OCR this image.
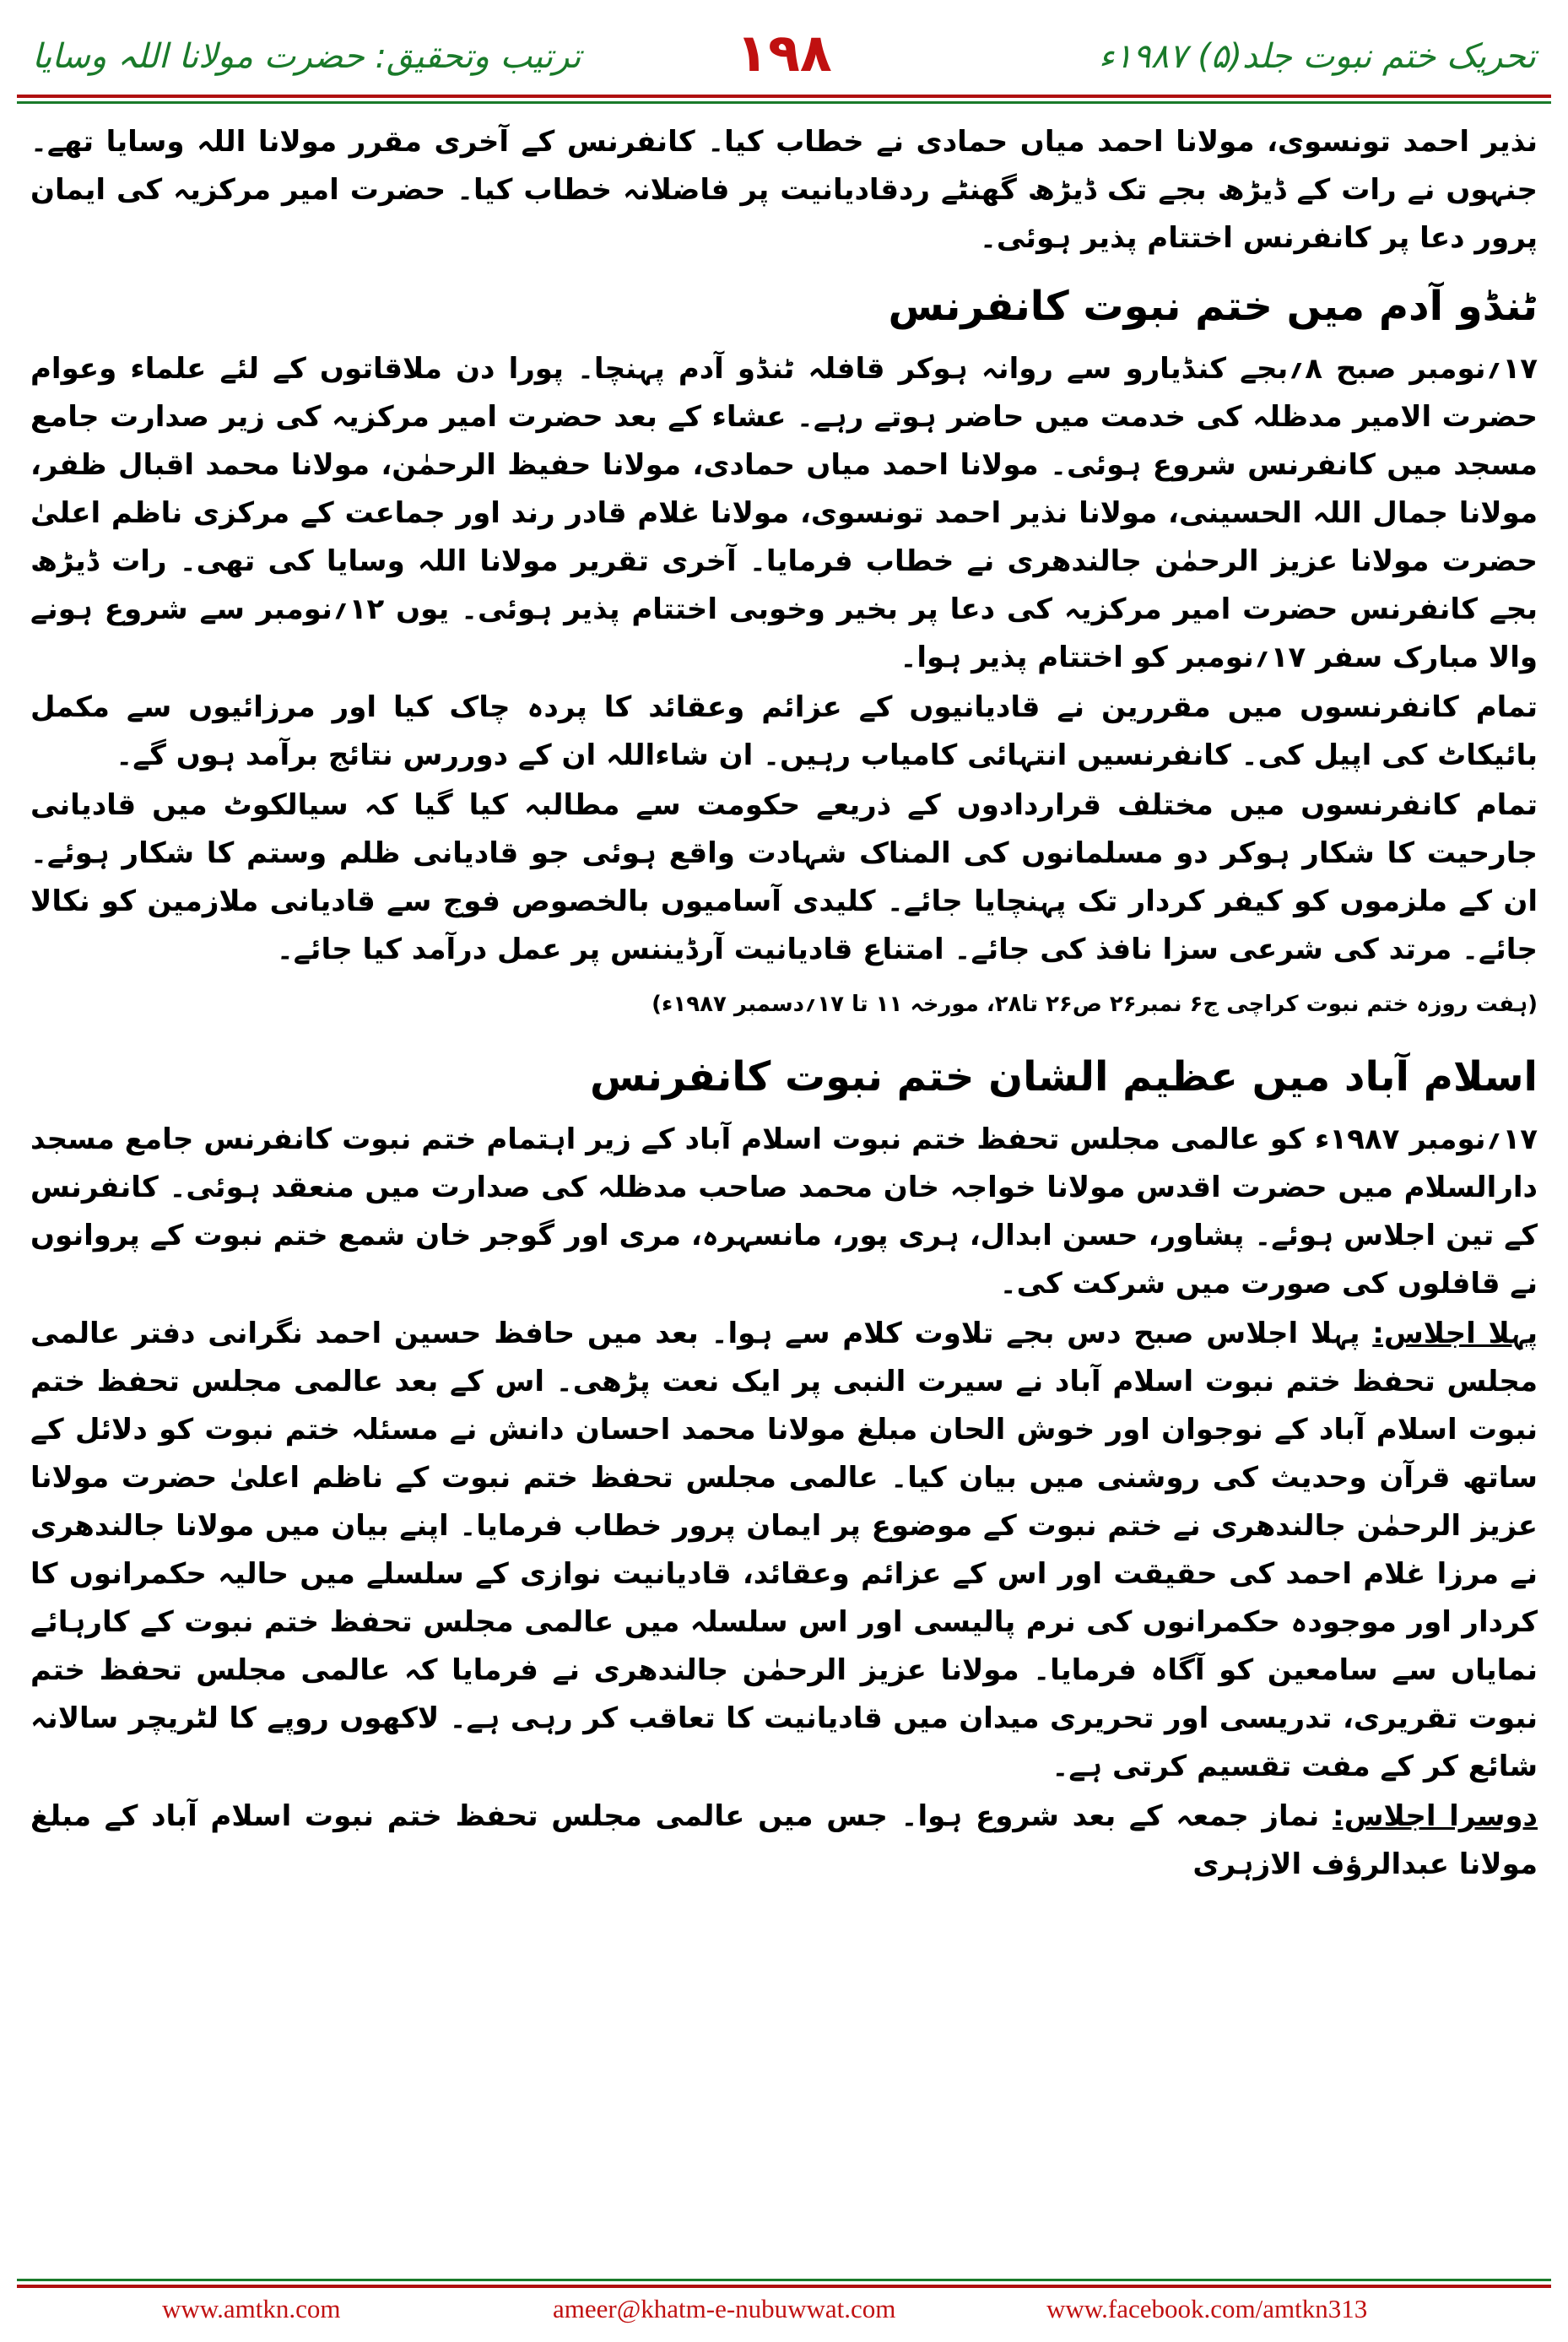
ترتیب وتحقیق: حضرت مولانا اللہ وسایا	۱۹۸	تحریک ختم نبوت جلد(۵) ۱۹۸۷ء

نذیر احمد تونسوی، مولانا احمد میاں حمادی نے خطاب کیا۔ کانفرنس کے آخری مقرر مولانا اللہ وسایا تھے۔ جنہوں نے رات کے ڈیڑھ بجے تک ڈیڑھ گھنٹے ردقادیانیت پر فاضلانہ خطاب کیا۔ حضرت امیر مرکزیہ کی ایمان پرور دعا پر کانفرنس اختتام پذیر ہوئی۔

ٹنڈو آدم میں ختم نبوت کانفرنس

۱۷؍نومبر صبح ۸؍بجے کنڈیارو سے روانہ ہوکر قافلہ ٹنڈو آدم پہنچا۔ پورا دن ملاقاتوں کے لئے علماء وعوام حضرت الامیر مدظلہ کی خدمت میں حاضر ہوتے رہے۔ عشاء کے بعد حضرت امیر مرکزیہ کی زیر صدارت جامع مسجد میں کانفرنس شروع ہوئی۔ مولانا احمد میاں حمادی، مولانا حفیظ الرحمٰن، مولانا محمد اقبال ظفر، مولانا جمال اللہ الحسینی، مولانا نذیر احمد تونسوی، مولانا غلام قادر رند اور جماعت کے مرکزی ناظم اعلیٰ حضرت مولانا عزیز الرحمٰن جالندھری نے خطاب فرمایا۔ آخری تقریر مولانا اللہ وسایا کی تھی۔ رات ڈیڑھ بجے کانفرنس حضرت امیر مرکزیہ کی دعا پر بخیر وخوبی اختتام پذیر ہوئی۔ یوں ۱۲؍نومبر سے شروع ہونے والا مبارک سفر ۱۷؍نومبر کو اختتام پذیر ہوا۔

تمام کانفرنسوں میں مقررین نے قادیانیوں کے عزائم وعقائد کا پردہ چاک کیا اور مرزائیوں سے مکمل بائیکاٹ کی اپیل کی۔ کانفرنسیں انتہائی کامیاب رہیں۔ ان شاءاللہ ان کے دوررس نتائج برآمد ہوں گے۔

تمام کانفرنسوں میں مختلف قراردادوں کے ذریعے حکومت سے مطالبہ کیا گیا کہ سیالکوٹ میں قادیانی جارحیت کا شکار ہوکر دو مسلمانوں کی المناک شہادت واقع ہوئی جو قادیانی ظلم وستم کا شکار ہوئے۔ ان کے ملزموں کو کیفر کردار تک پہنچایا جائے۔ کلیدی آسامیوں بالخصوص فوج سے قادیانی ملازمین کو نکالا جائے۔ مرتد کی شرعی سزا نافذ کی جائے۔ امتناع قادیانیت آرڈیننس پر عمل درآمد کیا جائے۔

(ہفت روزہ ختم نبوت کراچی ج۶ نمبر۲۶ ص۲۶ تا۲۸، مورخہ ۱۱ تا ۱۷؍دسمبر ۱۹۸۷ء)

اسلام آباد میں عظیم الشان ختم نبوت کانفرنس

۱۷؍نومبر ۱۹۸۷ء کو عالمی مجلس تحفظ ختم نبوت اسلام آباد کے زیر اہتمام ختم نبوت کانفرنس جامع مسجد دارالسلام میں حضرت اقدس مولانا خواجہ خان محمد صاحب مدظلہ کی صدارت میں منعقد ہوئی۔ کانفرنس کے تین اجلاس ہوئے۔ پشاور، حسن ابدال، ہری پور، مانسہرہ، مری اور گوجر خان شمع ختم نبوت کے پروانوں نے قافلوں کی صورت میں شرکت کی۔

پہلا اجلاس: پہلا اجلاس صبح دس بجے تلاوت کلام سے ہوا۔ بعد میں حافظ حسین احمد نگرانی دفتر عالمی مجلس تحفظ ختم نبوت اسلام آباد نے سیرت النبی پر ایک نعت پڑھی۔ اس کے بعد عالمی مجلس تحفظ ختم نبوت اسلام آباد کے نوجوان اور خوش الحان مبلغ مولانا محمد احسان دانش نے مسئلہ ختم نبوت کو دلائل کے ساتھ قرآن وحدیث کی روشنی میں بیان کیا۔ عالمی مجلس تحفظ ختم نبوت کے ناظم اعلیٰ حضرت مولانا عزیز الرحمٰن جالندھری نے ختم نبوت کے موضوع پر ایمان پرور خطاب فرمایا۔ اپنے بیان میں مولانا جالندھری نے مرزا غلام احمد کی حقیقت اور اس کے عزائم وعقائد، قادیانیت نوازی کے سلسلے میں حالیہ حکمرانوں کا کردار اور موجودہ حکمرانوں کی نرم پالیسی اور اس سلسلہ میں عالمی مجلس تحفظ ختم نبوت کے کارہائے نمایاں سے سامعین کو آگاہ فرمایا۔ مولانا عزیز الرحمٰن جالندھری نے فرمایا کہ عالمی مجلس تحفظ ختم نبوت تقریری، تدریسی اور تحریری میدان میں قادیانیت کا تعاقب کر رہی ہے۔ لاکھوں روپے کا لٹریچر سالانہ شائع کر کے مفت تقسیم کرتی ہے۔

دوسرا اجلاس: نماز جمعہ کے بعد شروع ہوا۔ جس میں عالمی مجلس تحفظ ختم نبوت اسلام آباد کے مبلغ مولانا عبدالرؤف الازہری

www.amtkn.com	ameer@khatm-e-nubuwwat.com	www.facebook.com/amtkn313
